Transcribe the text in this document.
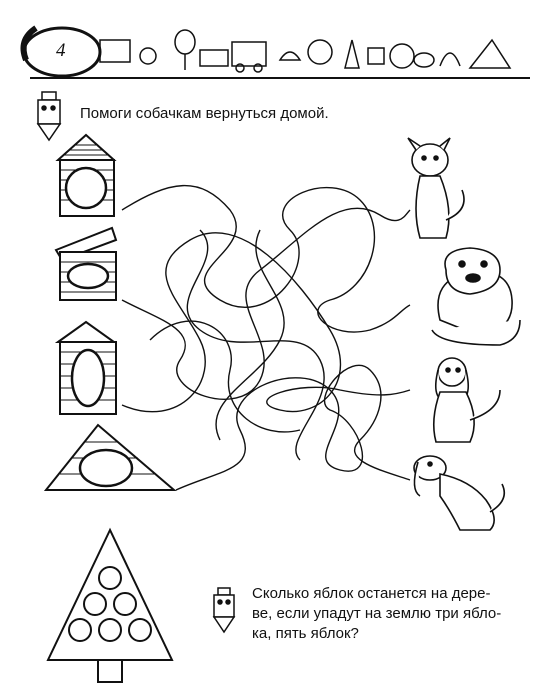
4
Помоги собачкам вернуться домой.
Сколько яблок останется на дере-
ве, если упадут на землю три ябло-
ка, пять яблок?
